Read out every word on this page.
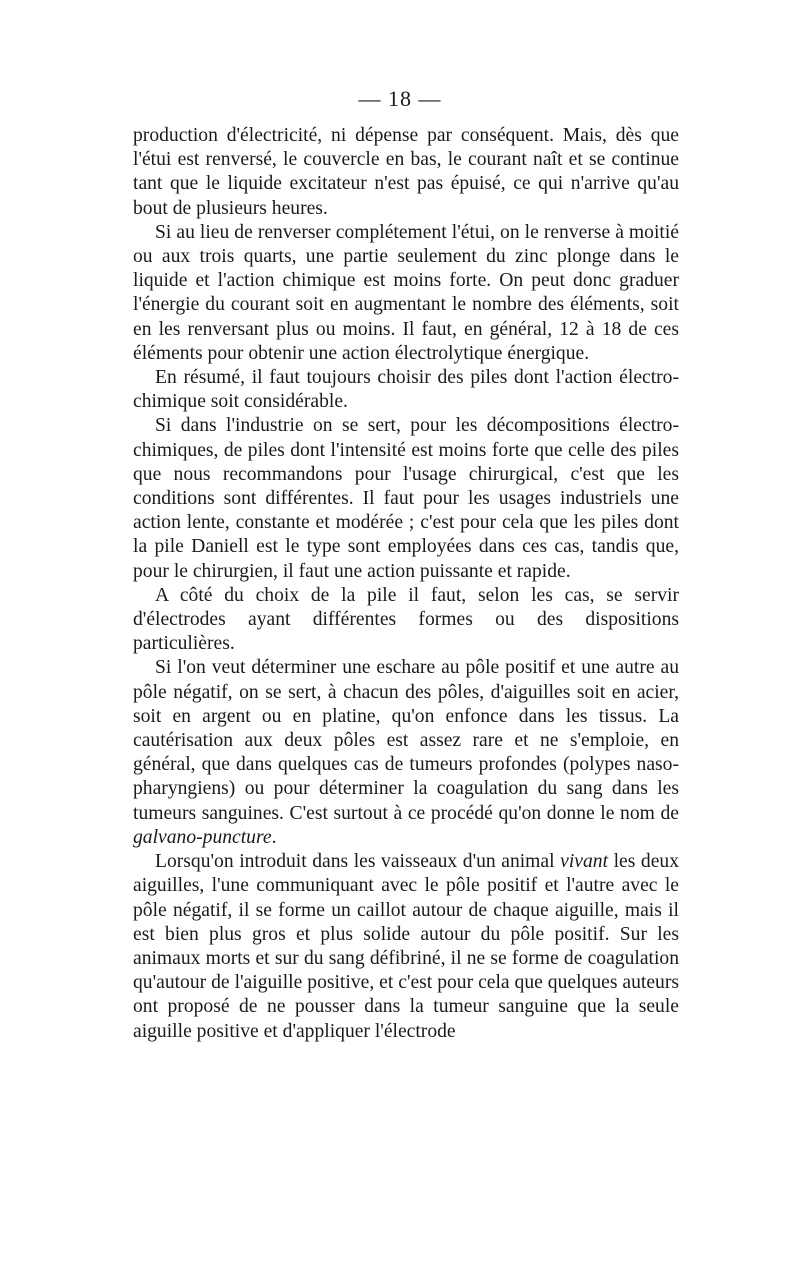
— 18 —

production d'électricité, ni dépense par conséquent. Mais, dès que l'étui est renversé, le couvercle en bas, le courant naît et se continue tant que le liquide excitateur n'est pas épuisé, ce qui n'arrive qu'au bout de plusieurs heures.

Si au lieu de renverser complétement l'étui, on le renverse à moitié ou aux trois quarts, une partie seulement du zinc plonge dans le liquide et l'action chimique est moins forte. On peut donc graduer l'énergie du courant soit en augmentant le nombre des éléments, soit en les renversant plus ou moins. Il faut, en général, 12 à 18 de ces éléments pour obtenir une action électrolytique énergique.

En résumé, il faut toujours choisir des piles dont l'action électro-chimique soit considérable.

Si dans l'industrie on se sert, pour les décompositions électro-chimiques, de piles dont l'intensité est moins forte que celle des piles que nous recommandons pour l'usage chirurgical, c'est que les conditions sont différentes. Il faut pour les usages industriels une action lente, constante et modérée ; c'est pour cela que les piles dont la pile Daniell est le type sont employées dans ces cas, tandis que, pour le chirurgien, il faut une action puissante et rapide.

A côté du choix de la pile il faut, selon les cas, se servir d'électrodes ayant différentes formes ou des dispositions particulières.

Si l'on veut déterminer une eschare au pôle positif et une autre au pôle négatif, on se sert, à chacun des pôles, d'aiguilles soit en acier, soit en argent ou en platine, qu'on enfonce dans les tissus. La cautérisation aux deux pôles est assez rare et ne s'emploie, en général, que dans quelques cas de tumeurs profondes (polypes naso-pharyngiens) ou pour déterminer la coagulation du sang dans les tumeurs sanguines. C'est surtout à ce procédé qu'on donne le nom de galvano-puncture.

Lorsqu'on introduit dans les vaisseaux d'un animal vivant les deux aiguilles, l'une communiquant avec le pôle positif et l'autre avec le pôle négatif, il se forme un caillot autour de chaque aiguille, mais il est bien plus gros et plus solide autour du pôle positif. Sur les animaux morts et sur du sang défibriné, il ne se forme de coagulation qu'autour de l'aiguille positive, et c'est pour cela que quelques auteurs ont proposé de ne pousser dans la tumeur sanguine que la seule aiguille positive et d'appliquer l'électrode
